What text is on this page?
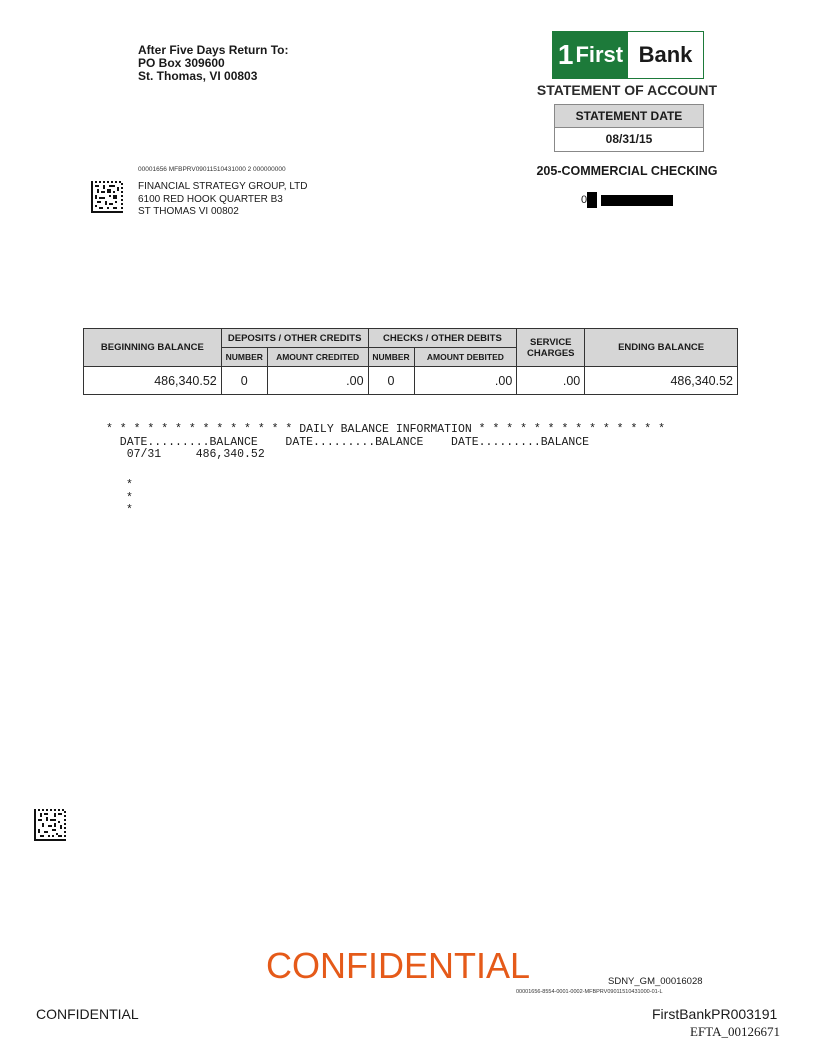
After Five Days Return To:
PO Box 309600
St. Thomas, VI 00803
1 First Bank
STATEMENT OF ACCOUNT
STATEMENT DATE
08/31/15
205-COMMERCIAL CHECKING
0
00001656 MFBPRV09011510431000 2 000000000
FINANCIAL STRATEGY GROUP, LTD
6100 RED HOOK QUARTER B3
ST THOMAS VI 00802
BEGINNING BALANCE	DEPOSITS / OTHER CREDITS		CHECKS / OTHER DEBITS		SERVICE CHARGES	ENDING BALANCE
	NUMBER	AMOUNT CREDITED	NUMBER	AMOUNT DEBITED		
486,340.52	0	.00	0	.00	.00	486,340.52
* * * * * * * * * * * * * * DAILY BALANCE INFORMATION * * * * * * * * * * * * * *
DATE.........BALANCE    DATE.........BALANCE    DATE.........BALANCE
07/31     486,340.52
*
*
*
CONFIDENTIAL	SDNY_GM_00016028
00001656-8554-0001-0002-MFBPRV09011510431000-01-L
CONFIDENTIAL	FirstBankPR003191
EFTA_00126671
